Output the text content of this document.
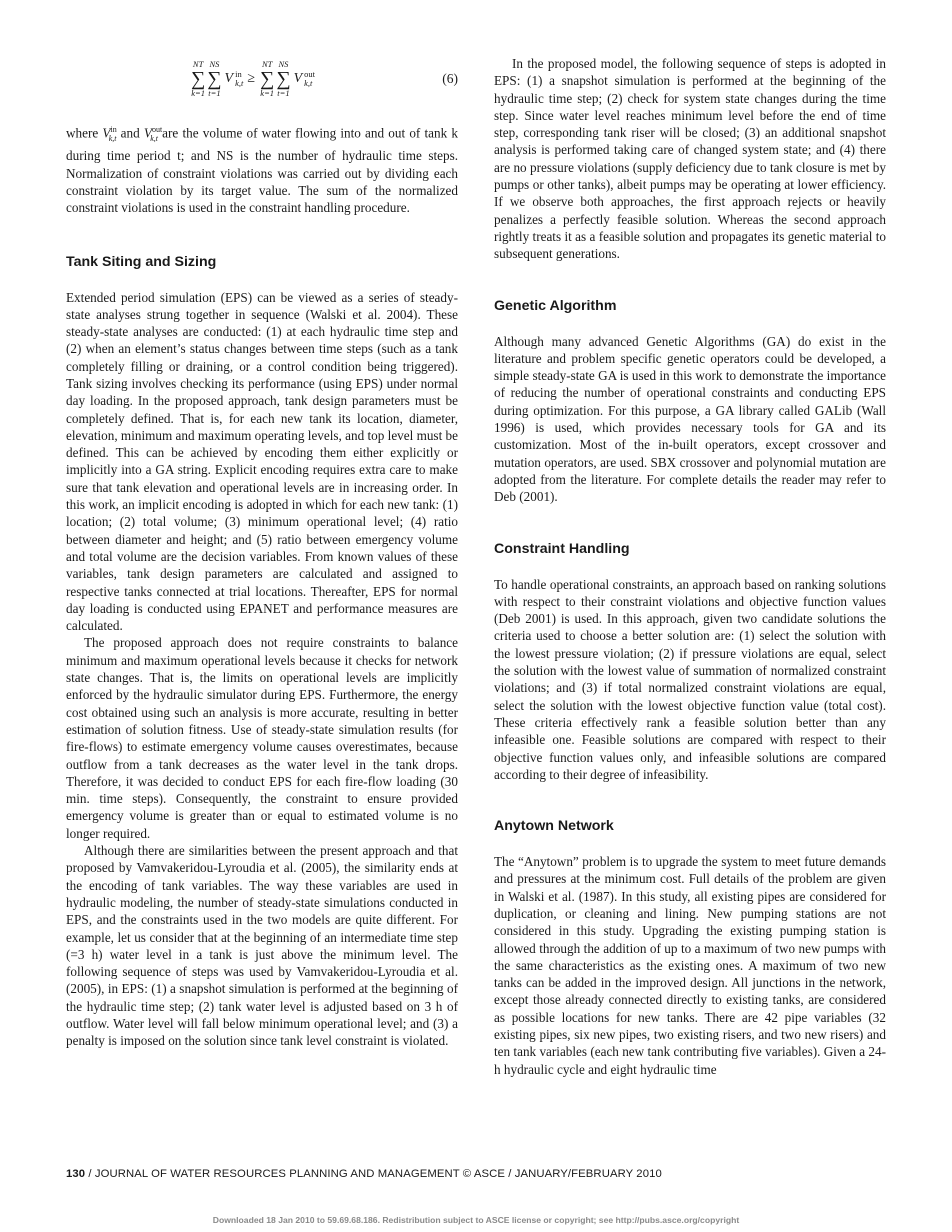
NT
∑
k=1
NS
∑
t=1
V in
k,t ≥
NT
∑
k=1
NS
∑
t=1
V out
k,t	(6)

where $V^{in}_{k,t}$ and $V^{out}_{k,t}$ are the volume of water flowing into and out of tank k during time period t; and NS is the number of hydraulic time steps. Normalization of constraint violations was carried out by dividing each constraint violation by its target value. The sum of the normalized constraint violations is used in the constraint handling procedure.

Tank Siting and Sizing

Extended period simulation (EPS) can be viewed as a series of steady-state analyses strung together in sequence (Walski et al. 2004). These steady-state analyses are conducted: (1) at each hydraulic time step and (2) when an element’s status changes between time steps (such as a tank completely filling or draining, or a control condition being triggered). Tank sizing involves checking its performance (using EPS) under normal day loading. In the proposed approach, tank design parameters must be completely defined. That is, for each new tank its location, diameter, elevation, minimum and maximum operating levels, and top level must be defined. This can be achieved by encoding them either explicitly or implicitly into a GA string. Explicit encoding requires extra care to make sure that tank elevation and operational levels are in increasing order. In this work, an implicit encoding is adopted in which for each new tank: (1) location; (2) total volume; (3) minimum operational level; (4) ratio between diameter and height; and (5) ratio between emergency volume and total volume are the decision variables. From known values of these variables, tank design parameters are calculated and assigned to respective tanks connected at trial locations. Thereafter, EPS for normal day loading is conducted using EPANET and performance measures are calculated.

The proposed approach does not require constraints to balance minimum and maximum operational levels because it checks for network state changes. That is, the limits on operational levels are implicitly enforced by the hydraulic simulator during EPS. Furthermore, the energy cost obtained using such an analysis is more accurate, resulting in better estimation of solution fitness. Use of steady-state simulation results (for fire-flows) to estimate emergency volume causes overestimates, because outflow from a tank decreases as the water level in the tank drops. Therefore, it was decided to conduct EPS for each fire-flow loading (30 min. time steps). Consequently, the constraint to ensure provided emergency volume is greater than or equal to estimated volume is no longer required.

Although there are similarities between the present approach and that proposed by Vamvakeridou-Lyroudia et al. (2005), the similarity ends at the encoding of tank variables. The way these variables are used in hydraulic modeling, the number of steady-state simulations conducted in EPS, and the constraints used in the two models are quite different. For example, let us consider that at the beginning of an intermediate time step (=3 h) water level in a tank is just above the minimum level. The following sequence of steps was used by Vamvakeridou-Lyroudia et al. (2005), in EPS: (1) a snapshot simulation is performed at the beginning of the hydraulic time step; (2) tank water level is adjusted based on 3 h of outflow. Water level will fall below minimum operational level; and (3) a penalty is imposed on the solution since tank level constraint is violated.

In the proposed model, the following sequence of steps is adopted in EPS: (1) a snapshot simulation is performed at the beginning of the hydraulic time step; (2) check for system state changes during the time step. Since water level reaches minimum level before the end of time step, corresponding tank riser will be closed; (3) an additional snapshot analysis is performed taking care of changed system state; and (4) there are no pressure violations (supply deficiency due to tank closure is met by pumps or other tanks), albeit pumps may be operating at lower efficiency. If we observe both approaches, the first approach rejects or heavily penalizes a perfectly feasible solution. Whereas the second approach rightly treats it as a feasible solution and propagates its genetic material to subsequent generations.

Genetic Algorithm

Although many advanced Genetic Algorithms (GA) do exist in the literature and problem specific genetic operators could be developed, a simple steady-state GA is used in this work to demonstrate the importance of reducing the number of operational constraints and conducting EPS during optimization. For this purpose, a GA library called GALib (Wall 1996) is used, which provides necessary tools for GA and its customization. Most of the in-built operators, except crossover and mutation operators, are used. SBX crossover and polynomial mutation are adopted from the literature. For complete details the reader may refer to Deb (2001).

Constraint Handling

To handle operational constraints, an approach based on ranking solutions with respect to their constraint violations and objective function values (Deb 2001) is used. In this approach, given two candidate solutions the criteria used to choose a better solution are: (1) select the solution with the lowest pressure violation; (2) if pressure violations are equal, select the solution with the lowest value of summation of normalized constraint violations; and (3) if total normalized constraint violations are equal, select the solution with the lowest objective function value (total cost). These criteria effectively rank a feasible solution better than any infeasible one. Feasible solutions are compared with respect to their objective function values only, and infeasible solutions are compared according to their degree of infeasibility.

Anytown Network

The “Anytown” problem is to upgrade the system to meet future demands and pressures at the minimum cost. Full details of the problem are given in Walski et al. (1987). In this study, all existing pipes are considered for duplication, or cleaning and lining. New pumping stations are not considered in this study. Upgrading the existing pumping station is allowed through the addition of up to a maximum of two new pumps with the same characteristics as the existing ones. A maximum of two new tanks can be added in the improved design. All junctions in the network, except those already connected directly to existing tanks, are considered as possible locations for new tanks. There are 42 pipe variables (32 existing pipes, six new pipes, two existing risers, and two new risers) and ten tank variables (each new tank contributing five variables). Given a 24-h hydraulic cycle and eight hydraulic time

130 / JOURNAL OF WATER RESOURCES PLANNING AND MANAGEMENT © ASCE / JANUARY/FEBRUARY 2010
Downloaded 18 Jan 2010 to 59.69.68.186. Redistribution subject to ASCE license or copyright; see http://pubs.asce.org/copyright
